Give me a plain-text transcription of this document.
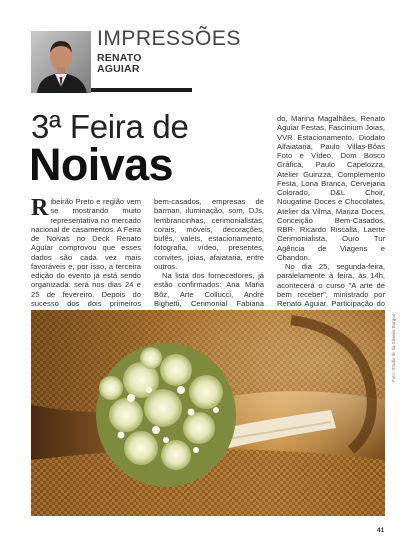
IMPRESSÕES
RENATO
AGUIAR
3ª Feira de
Noivas
Ribeirão Preto e região vem se mostrando muito representativa no mercado nacional de casamentos. A Feira de Noivas no Deck Renato Aguiar comprovou que esses dados são cada vez mais favoráveis e, por isso, a terceira edição do evento já está sendo organizada: será nos dias 24 e 25 de fevereiro. Depois do sucesso dos dois primeiros
bem-casados, empresas de barman, iluminação, som, DJs, lembrancinhas, cerimonialistas, corais, móveis, decorações, bufês, valets, estacionamento, fotografia, vídeo, presentes, convites, joias, afaiataria, entre outros.
Na lista dos fornecedores, já estão confirmados: Ana Maria Bôz, Arte Collucci, André Bighetti, Cerimonial Fabiana
do, Marina Magalhães, Renato Aguiar Festas, Fascinium Joias, VVR Estacionamento, Diodato Alfaiataria, Paulo Villas-Bôas Foto e Vídeo, Dom Bosco Gráfica, Paulo Capelozza, Atelier Guinzza, Complemento Festa, Lona Branca, Cervejaria Colorado, D&L Choir, Nougatine Doces e Chocolates, Atelier da Vilma, Mariza Doces, Conceição Bem-Casados, RBR- Ricardo Riscalla, Laerte Cerimonialista, Ouro Tur Agência de Viagens e Chandon.
No dia 25, segunda-feira, paralelamente à feira, às 14h, acontecerá o curso "A arte de bem receber", ministrado por Renato Aguiar. Participação do
Foto: Studio do Ila Silveira Burgos
41
